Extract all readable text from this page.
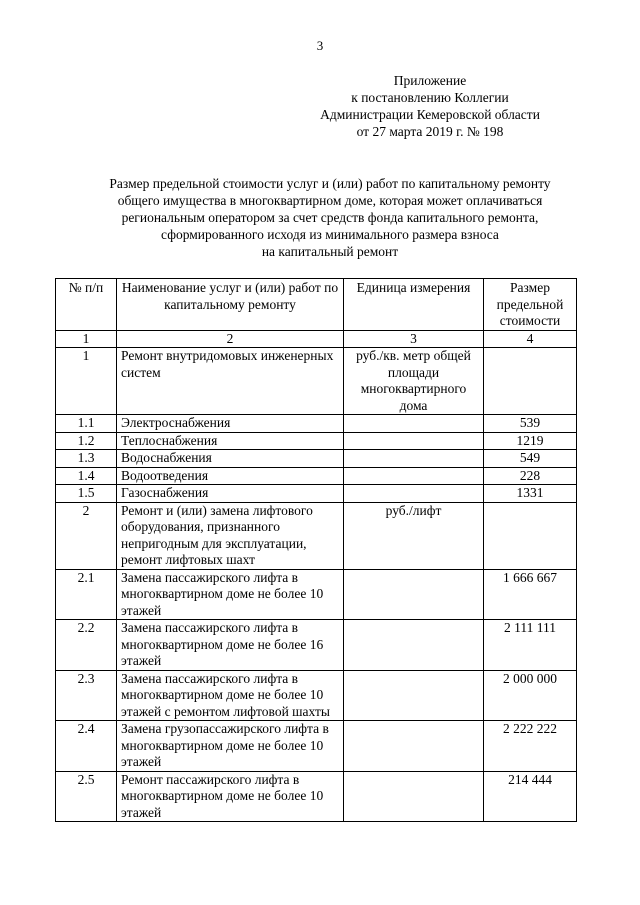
3
Приложение
к постановлению Коллегии
Администрации Кемеровской области
от 27 марта 2019 г. № 198
Размер предельной стоимости услуг и (или) работ по капитальному ремонту
общего имущества в многоквартирном доме, которая может оплачиваться
региональным оператором за счет средств фонда капитального ремонта,
сформированного исходя из минимального размера взноса
на капитальный ремонт
№ п/п	Наименование услуг и (или) работ по капитальному ремонту	Единица измерения	Размер предельной стоимости
1	2	3	4
1	Ремонт внутридомовых инженерных систем	руб./кв. метр общей площади многоквартирного дома	
1.1	Электроснабжения		539
1.2	Теплоснабжения		1219
1.3	Водоснабжения		549
1.4	Водоотведения		228
1.5	Газоснабжения		1331
2	Ремонт и (или) замена лифтового оборудования, признанного непригодным для эксплуатации, ремонт лифтовых шахт	руб./лифт	
2.1	Замена пассажирского лифта в многоквартирном доме не более 10 этажей		1 666 667
2.2	Замена пассажирского лифта в многоквартирном доме не более 16 этажей		2 111 111
2.3	Замена пассажирского лифта в многоквартирном доме не более 10 этажей с ремонтом лифтовой шахты		2 000 000
2.4	Замена грузопассажирского лифта в многоквартирном доме не более 10 этажей		2 222 222
2.5	Ремонт пассажирского лифта в многоквартирном доме не более 10 этажей		214 444
